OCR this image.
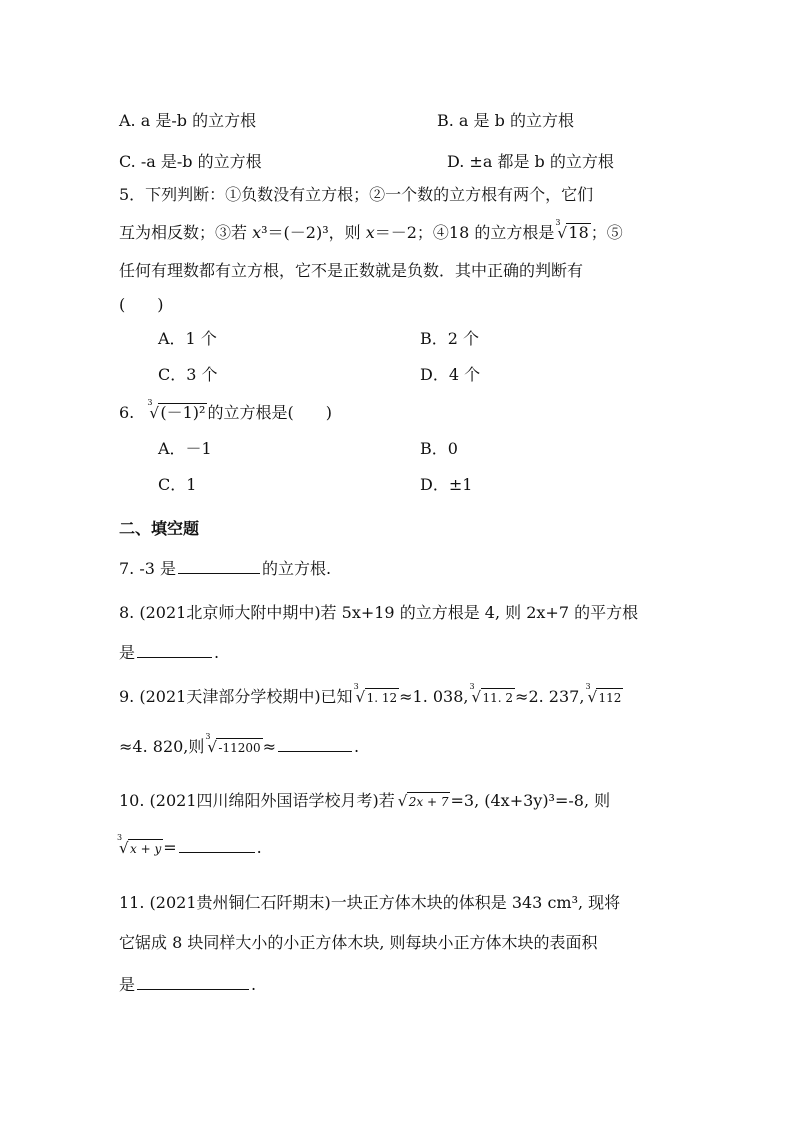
A. a 是-b 的立方根	B. a 是 b 的立方根
C. -a 是-b 的立方根	D. ±a 都是 b 的立方根
5．下列判断：①负数没有立方根；②一个数的立方根有两个，它们
互为相反数；③若 x³＝(－2)³，则 x＝－2；④18 的立方根是
3
√ 18 ；⑤
任何有理数都有立方根，它不是正数就是负数．其中正确的判断有
(　　)
A．1 个	B．2 个
C．3 个	D．4 个
6.
3
√ (－1)² 的立方根是(　　)
A．－1	B．0
C．1	D．±1
二、填空题
7. -3 是	的立方根.
8. (2021北京师大附中期中)若 5x+19 的立方根是 4, 则 2x+7 的平方根
是	.
9. (2021天津部分学校期中)已知
3
√ 1. 12 ≈1. 038,
3
√ 11. 2 ≈2. 237,
3
√ 112
≈4. 820,则
3
√ -11200 ≈	.
10. (2021四川绵阳外国语学校月考)若 √ 2x + 7 =3, (4x+3y)³=-8, 则
3
√ x + y =	.
11. (2021贵州铜仁石阡期末)一块正方体木块的体积是 343 cm³, 现将
它锯成 8 块同样大小的小正方体木块, 则每块小正方体木块的表面积
是	.
